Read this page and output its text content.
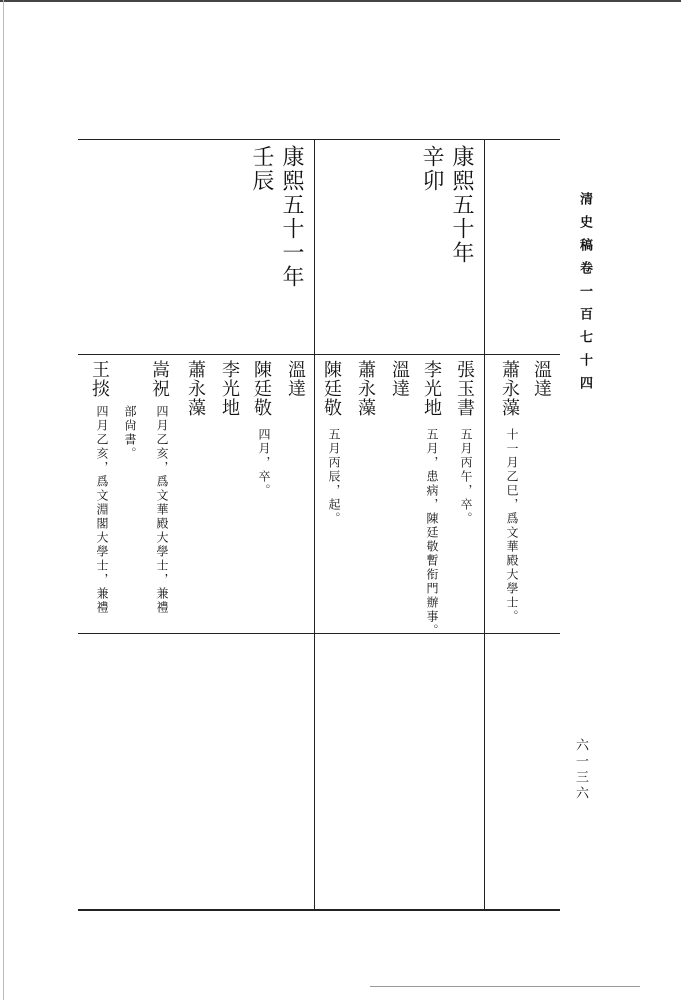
清史稿卷一百七十四
六一三六
康熙五十年
辛卯
康熙五十一年
壬辰
溫達
蕭永藻
十一月乙巳，爲文華殿大學士。
張玉書
五月丙午，卒。
李光地
五月，患病，陳廷敬暫衔門辦事。
溫達
蕭永藻
陳廷敬
五月丙辰，起。
溫達
陳廷敬
四月，卒。
李光地
蕭永藻
嵩祝
四月乙亥，爲文華殿大學士，兼禮
部尙書。
王掞
四月乙亥，爲文淵閣大學士，兼禮
